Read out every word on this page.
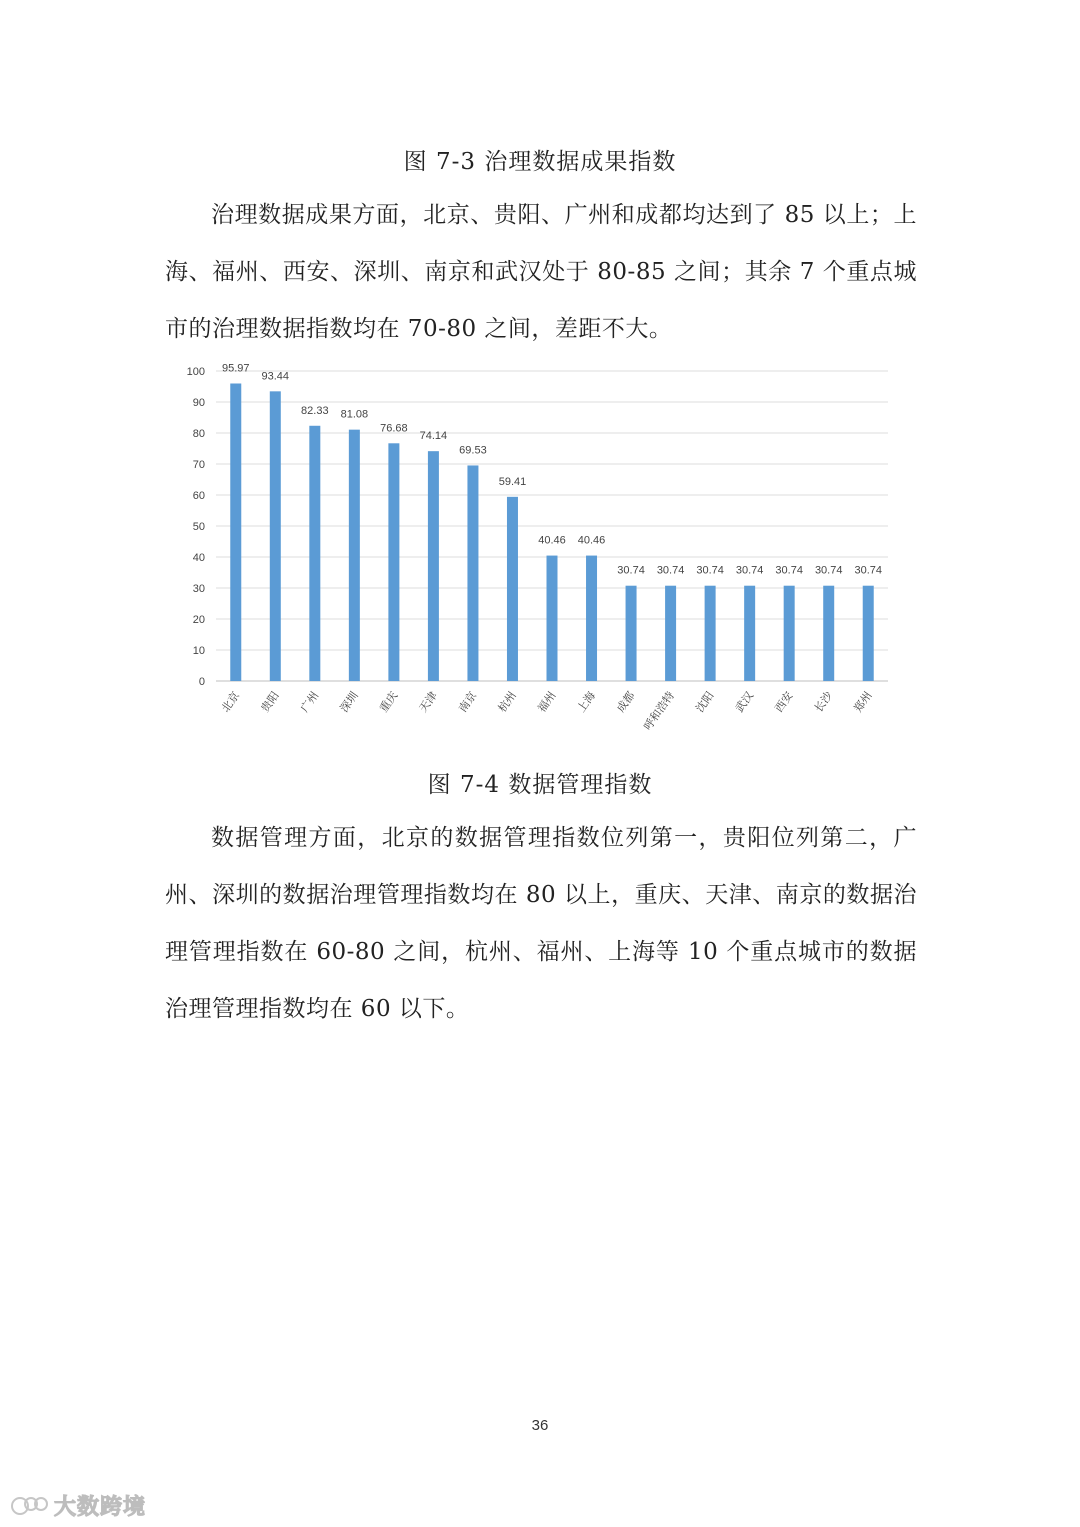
图 7-3 治理数据成果指数
治理数据成果方面，北京、贵阳、广州和成都均达到了 85 以上；上海、福州、西安、深圳、南京和武汉处于 80-85 之间；其余 7 个重点城市的治理数据指数均在 70-80 之间，差距不大。
0
10
20
30
40
50
60
70
80
90
100 95.97
93.44
82.33 81.08
76.68
74.14
69.53
59.41
40.46 40.46
30.74 30.74 30.74 30.74 30.74 30.74 30.74
北京 贵阳 广州 深圳 重庆 天津 南京 杭州 福州 上海 成都 呼和浩特 沈阳 武汉 西安 长沙 郑州
图 7-4 数据管理指数
数据管理方面，北京的数据管理指数位列第一，贵阳位列第二，广州、深圳的数据治理管理指数均在 80 以上，重庆、天津、南京的数据治理管理指数在 60-80 之间，杭州、福州、上海等 10 个重点城市的数据治理管理指数均在 60 以下。
36
大数跨境
